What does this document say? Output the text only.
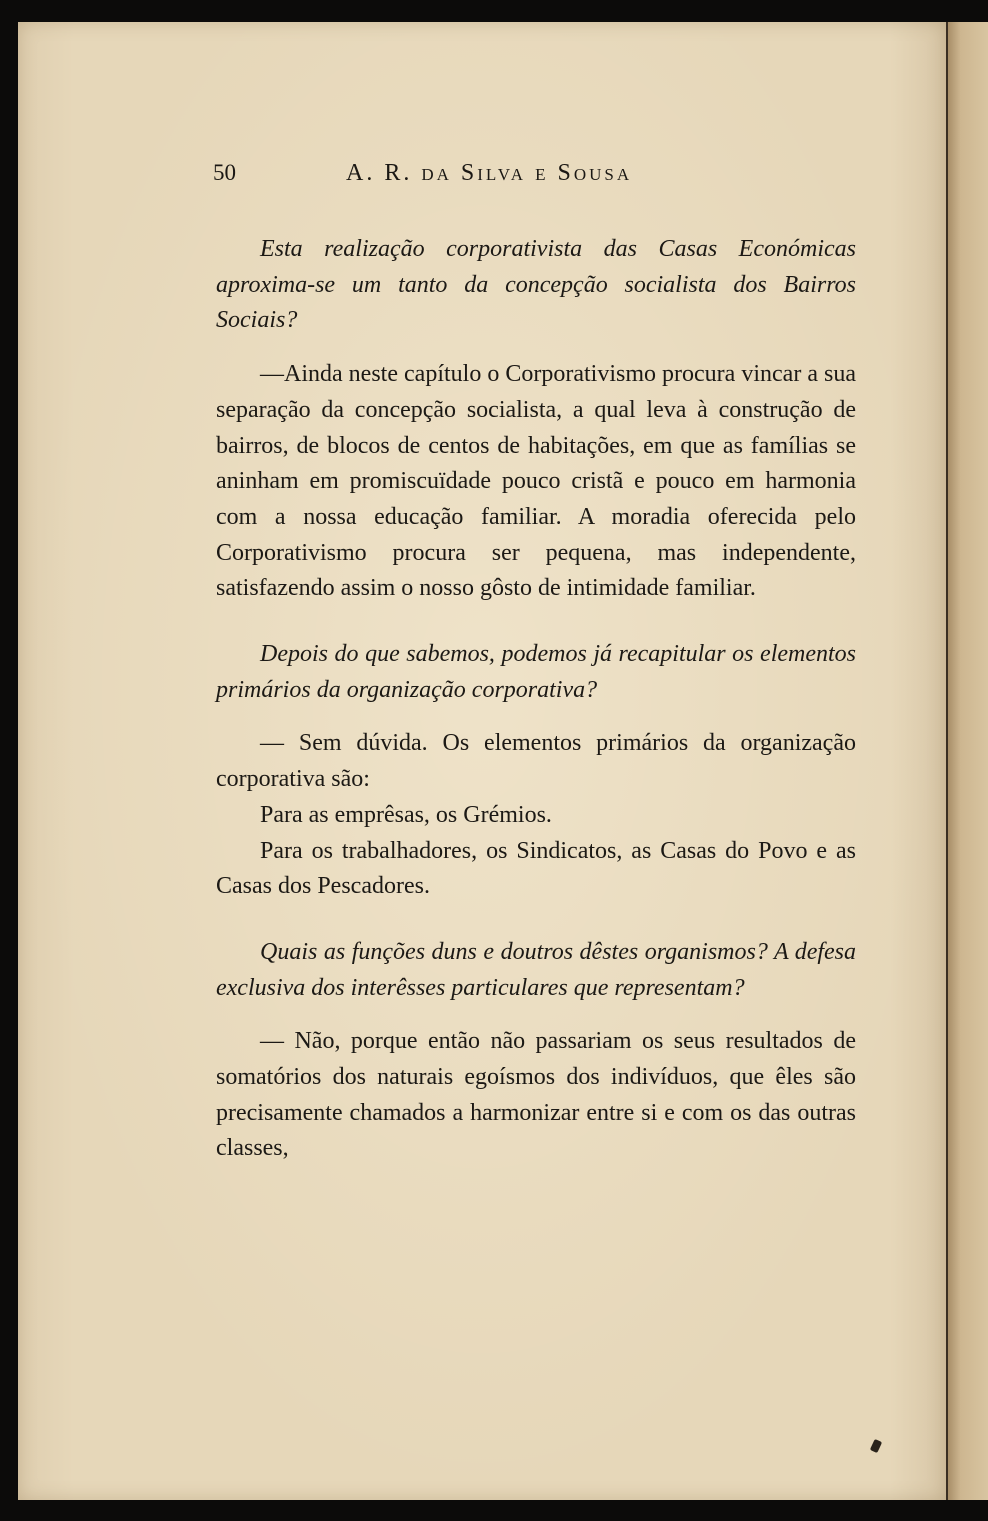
50	A. R. da Silva e Sousa

Esta realização corporativista das Casas Económicas aproxima-se um tanto da concepção socialista dos Bairros Sociais?

—Ainda neste capítulo o Corporativismo procura vincar a sua separação da concepção socialista, a qual leva à construção de bairros, de blocos de centos de habitações, em que as famílias se aninham em promiscuïdade pouco cristã e pouco em harmonia com a nossa educação familiar. A moradia oferecida pelo Corporativismo procura ser pequena, mas independente, satisfazendo assim o nosso gôsto de intimidade familiar.

Depois do que sabemos, podemos já recapitular os elementos primários da organização corporativa?

— Sem dúvida. Os elementos primários da organização corporativa são:

Para as emprêsas, os Grémios.

Para os trabalhadores, os Sindicatos, as Casas do Povo e as Casas dos Pescadores.

Quais as funções duns e doutros dêstes organismos? A defesa exclusiva dos interêsses particulares que representam?

— Não, porque então não passariam os seus resultados de somatórios dos naturais egoísmos dos indivíduos, que êles são precisamente chamados a harmonizar entre si e com os das outras classes,
